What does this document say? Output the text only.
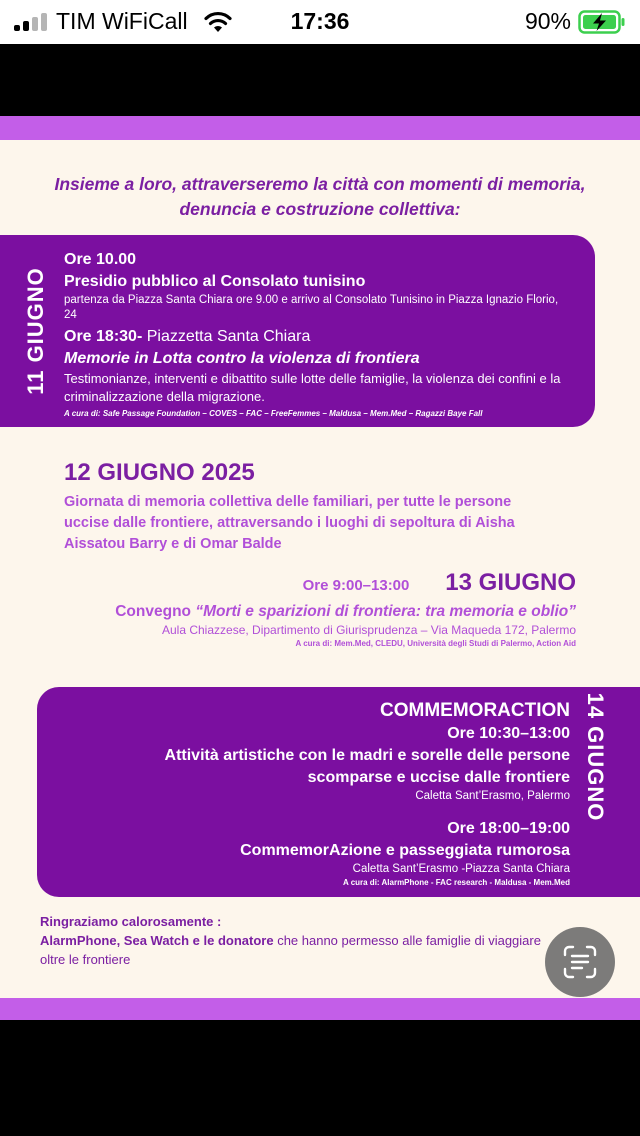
TIM WiFiCall	17:36	90%
Insieme a loro, attraverseremo la città con momenti di memoria, denuncia e costruzione collettiva:
11 GIUGNO
Ore 10.00
Presidio pubblico al Consolato tunisino
partenza da Piazza Santa Chiara ore 9.00 e arrivo al Consolato Tunisino in Piazza Ignazio Florio, 24
Ore 18:30- Piazzetta Santa Chiara
Memorie in Lotta contro la violenza di frontiera
Testimonianze, interventi e dibattito sulle lotte delle famiglie, la violenza dei confini e la criminalizzazione della migrazione.
A cura di: Safe Passage Foundation – COVES – FAC – FreeFemmes – Maldusa – Mem.Med – Ragazzi Baye Fall
12 GIUGNO 2025
Giornata di memoria collettiva delle familiari, per tutte le persone uccise dalle frontiere, attraversando i luoghi di sepoltura di Aisha Aissatou Barry e di Omar Balde
13 GIUGNO
Ore 9:00–13:00
Convegno “Morti e sparizioni di frontiera: tra memoria e oblio”
Aula Chiazzese, Dipartimento di Giurisprudenza – Via Maqueda 172, Palermo
A cura di: Mem.Med, CLEDU, Università degli Studi di Palermo, Action Aid
14 GIUGNO
COMMEMORACTION
Ore 10:30–13:00
Attività artistiche con le madri e sorelle delle persone scomparse e uccise dalle frontiere
Caletta Sant’Erasmo, Palermo
Ore 18:00–19:00
CommemorAzione e passeggiata rumorosa
Caletta Sant’Erasmo -Piazza Santa Chiara
A cura di: AlarmPhone - FAC research - Maldusa - Mem.Med
Ringraziamo calorosamente :
AlarmPhone, Sea Watch e le donatore che hanno permesso alle famiglie di viaggiare oltre le frontiere
